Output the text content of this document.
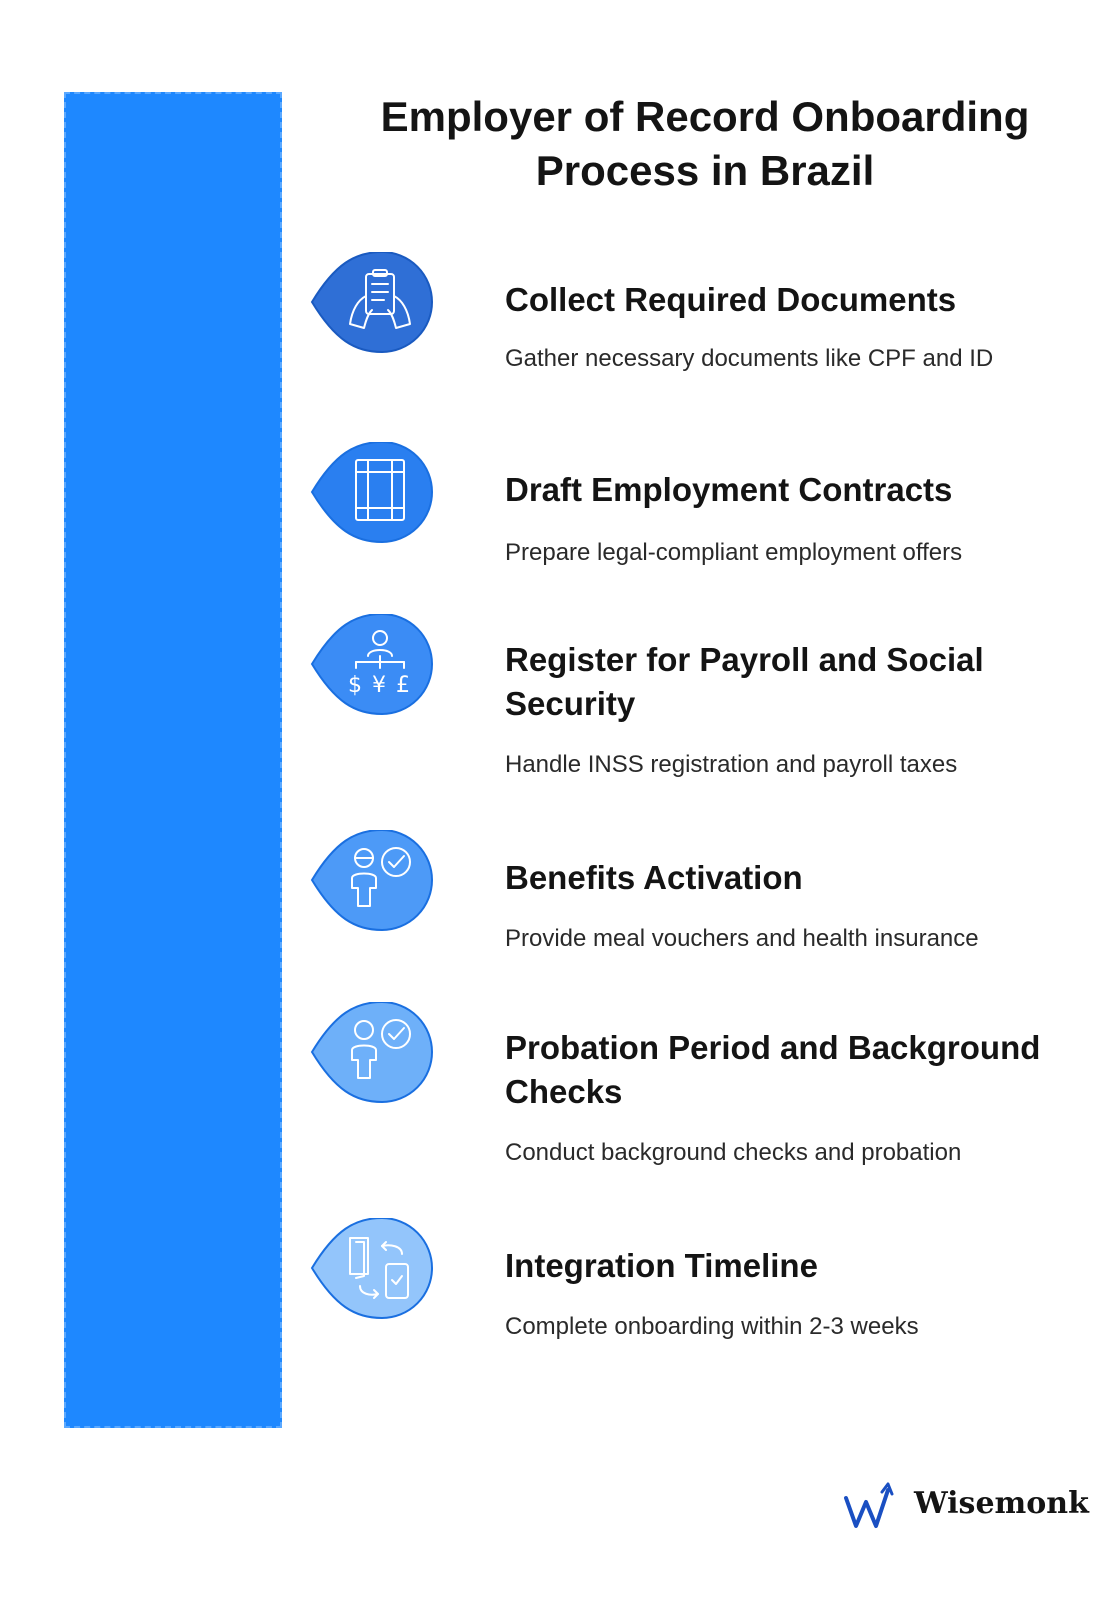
Employer of Record Onboarding Process in Brazil
Collect Required Documents

Gather necessary documents like CPF and ID

Draft Employment Contracts

Prepare legal-compliant employment offers

$ ¥ £
Register for Payroll and Social Security

Handle INSS registration and payroll taxes

Benefits Activation

Provide meal vouchers and health insurance

Probation Period and Background Checks

Conduct background checks and probation

Integration Timeline

Complete onboarding within 2-3 weeks

Wisemonk
